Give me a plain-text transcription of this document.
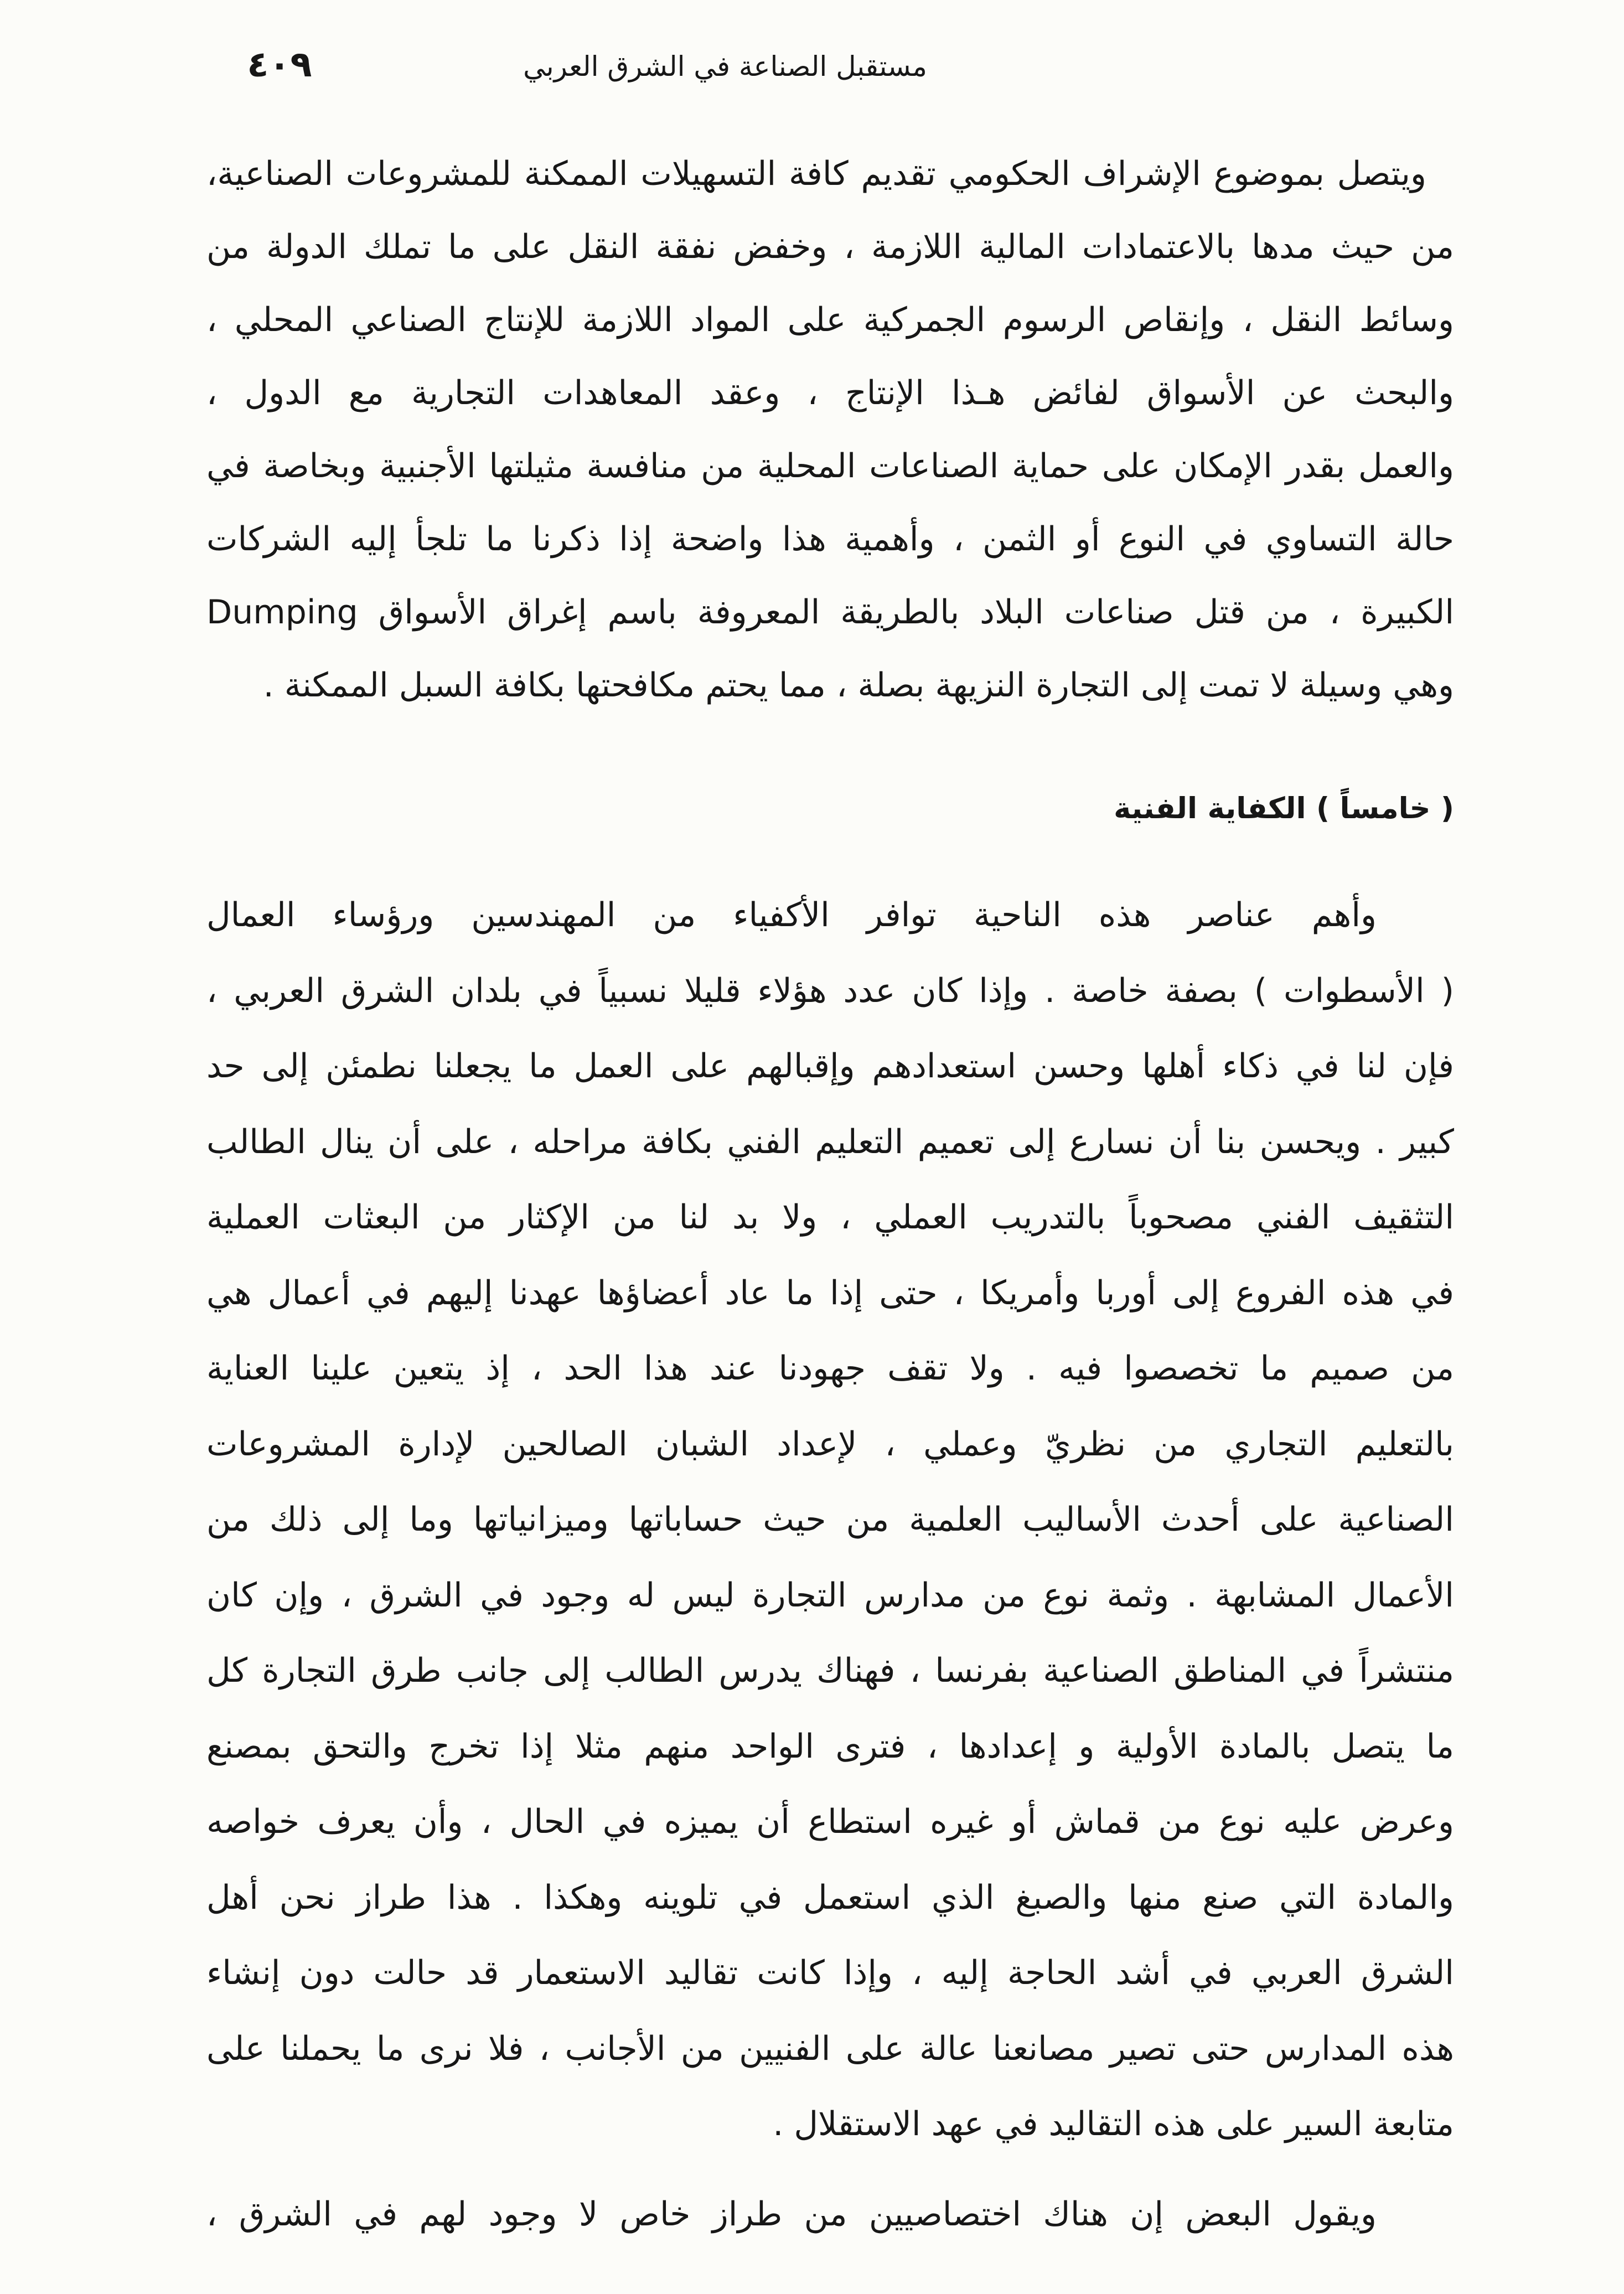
٤٠٩	مستقبل الصناعة في الشرق العربي
ويتصل بموضوع الإشراف الحكومي تقديم كافة التسهيلات الممكنة للمشروعات الصناعية،
من حيث مدها بالاعتمادات المالية اللازمة ، وخفض نفقة النقل على ما تملك الدولة من
وسائط النقل ، وإنقاص الرسوم الجمركية على المواد اللازمة للإنتاج الصناعي المحلي ،
والبحث عن الأسواق لفائض هـذا الإنتاج ، وعقد المعاهدات التجارية مع الدول ،
والعمل بقدر الإمكان على حماية الصناعات المحلية من منافسة مثيلتها الأجنبية وبخاصة في
حالة التساوي في النوع أو الثمن ، وأهمية هذا واضحة إذا ذكرنا ما تلجأ إليه الشركات
الكبيرة ، من قتل صناعات البلاد بالطريقة المعروفة باسم إغراق الأسواق Dumping
وهي وسيلة لا تمت إلى التجارة النزيهة بصلة ، مما يحتم مكافحتها بكافة السبل الممكنة .
( خامساً ) الكفاية الفنية
وأهم عناصر هذه الناحية توافر الأكفياء من المهندسين ورؤساء العمال
( الأسطوات ) بصفة خاصة . وإذا كان عدد هؤلاء قليلا نسبياً في بلدان الشرق العربي ،
فإن لنا في ذكاء أهلها وحسن استعدادهم وإقبالهم على العمل ما يجعلنا نطمئن إلى حد
كبير . ويحسن بنا أن نسارع إلى تعميم التعليم الفني بكافة مراحله ، على أن ينال الطالب
التثقيف الفني مصحوباً بالتدريب العملي ، ولا بد لنا من الإكثار من البعثات العملية
في هذه الفروع إلى أوربا وأمريكا ، حتى إذا ما عاد أعضاؤها عهدنا إليهم في أعمال هي
من صميم ما تخصصوا فيه . ولا تقف جهودنا عند هذا الحد ، إذ يتعين علينا العناية
بالتعليم التجاري من نظريّ وعملي ، لإعداد الشبان الصالحين لإدارة المشروعات
الصناعية على أحدث الأساليب العلمية من حيث حساباتها وميزانياتها وما إلى ذلك من
الأعمال المشابهة . وثمة نوع من مدارس التجارة ليس له وجود في الشرق ، وإن كان
منتشراً في المناطق الصناعية بفرنسا ، فهناك يدرس الطالب إلى جانب طرق التجارة كل
ما يتصل بالمادة الأولية و إعدادها ، فترى الواحد منهم مثلا إذا تخرج والتحق بمصنع
وعرض عليه نوع من قماش أو غيره استطاع أن يميزه في الحال ، وأن يعرف خواصه
والمادة التي صنع منها والصبغ الذي استعمل في تلوينه وهكذا . هذا طراز نحن أهل
الشرق العربي في أشد الحاجة إليه ، وإذا كانت تقاليد الاستعمار قد حالت دون إنشاء
هذه المدارس حتى تصير مصانعنا عالة على الفنيين من الأجانب ، فلا نرى ما يحملنا على
متابعة السير على هذه التقاليد في عهد الاستقلال .
ويقول البعض إن هناك اختصاصيين من طراز خاص لا وجود لهم في الشرق ،
